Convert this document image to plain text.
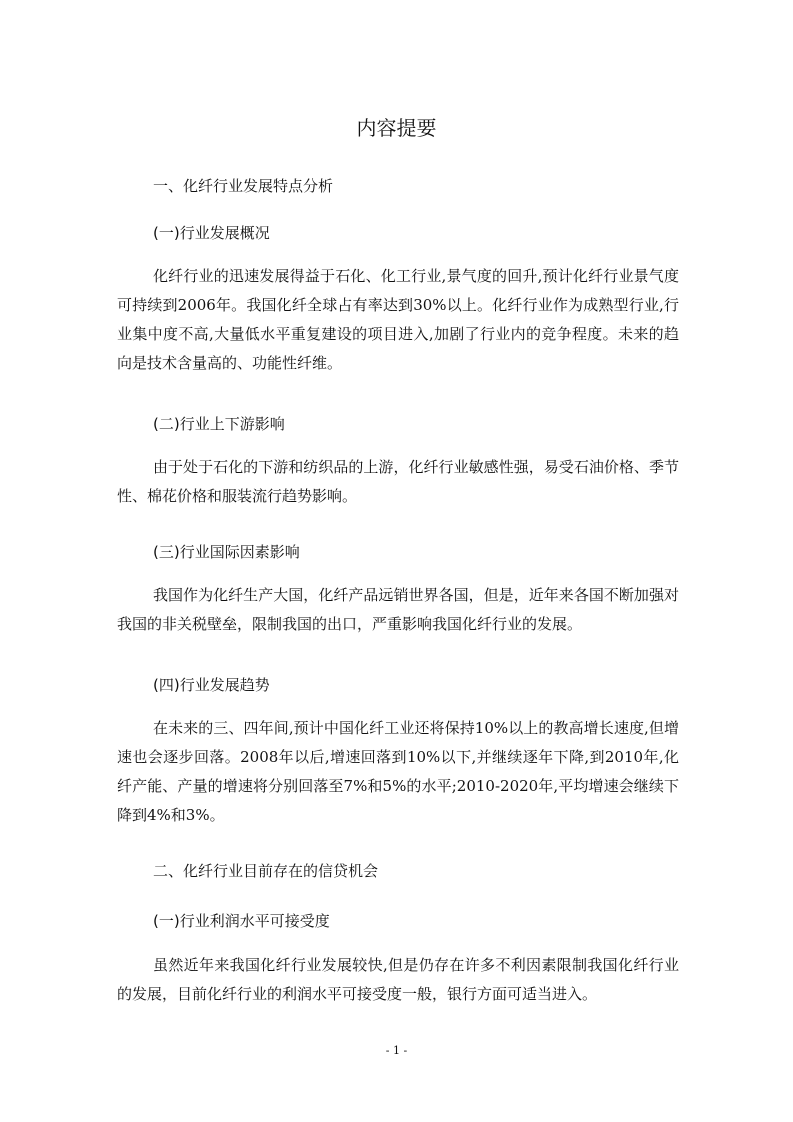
内容提要
一、化纤行业发展特点分析
(一)行业发展概况
化纤行业的迅速发展得益于石化、化工行业,景气度的回升,预计化纤行业景气度可持续到2006年。我国化纤全球占有率达到30%以上。化纤行业作为成熟型行业,行业集中度不高,大量低水平重复建设的项目进入,加剧了行业内的竞争程度。未来的趋向是技术含量高的、功能性纤维。
(二)行业上下游影响
由于处于石化的下游和纺织品的上游，化纤行业敏感性强，易受石油价格、季节性、棉花价格和服装流行趋势影响。
(三)行业国际因素影响
我国作为化纤生产大国，化纤产品远销世界各国，但是，近年来各国不断加强对我国的非关税壁垒，限制我国的出口，严重影响我国化纤行业的发展。
(四)行业发展趋势
在未来的三、四年间,预计中国化纤工业还将保持10%以上的教高增长速度,但增速也会逐步回落。2008年以后,增速回落到10%以下,并继续逐年下降,到2010年,化纤产能、产量的增速将分别回落至7%和5%的水平;2010-2020年,平均增速会继续下降到4%和3%。
二、化纤行业目前存在的信贷机会
(一)行业利润水平可接受度
虽然近年来我国化纤行业发展较快,但是仍存在许多不利因素限制我国化纤行业的发展，目前化纤行业的利润水平可接受度一般，银行方面可适当进入。
- 1 -
